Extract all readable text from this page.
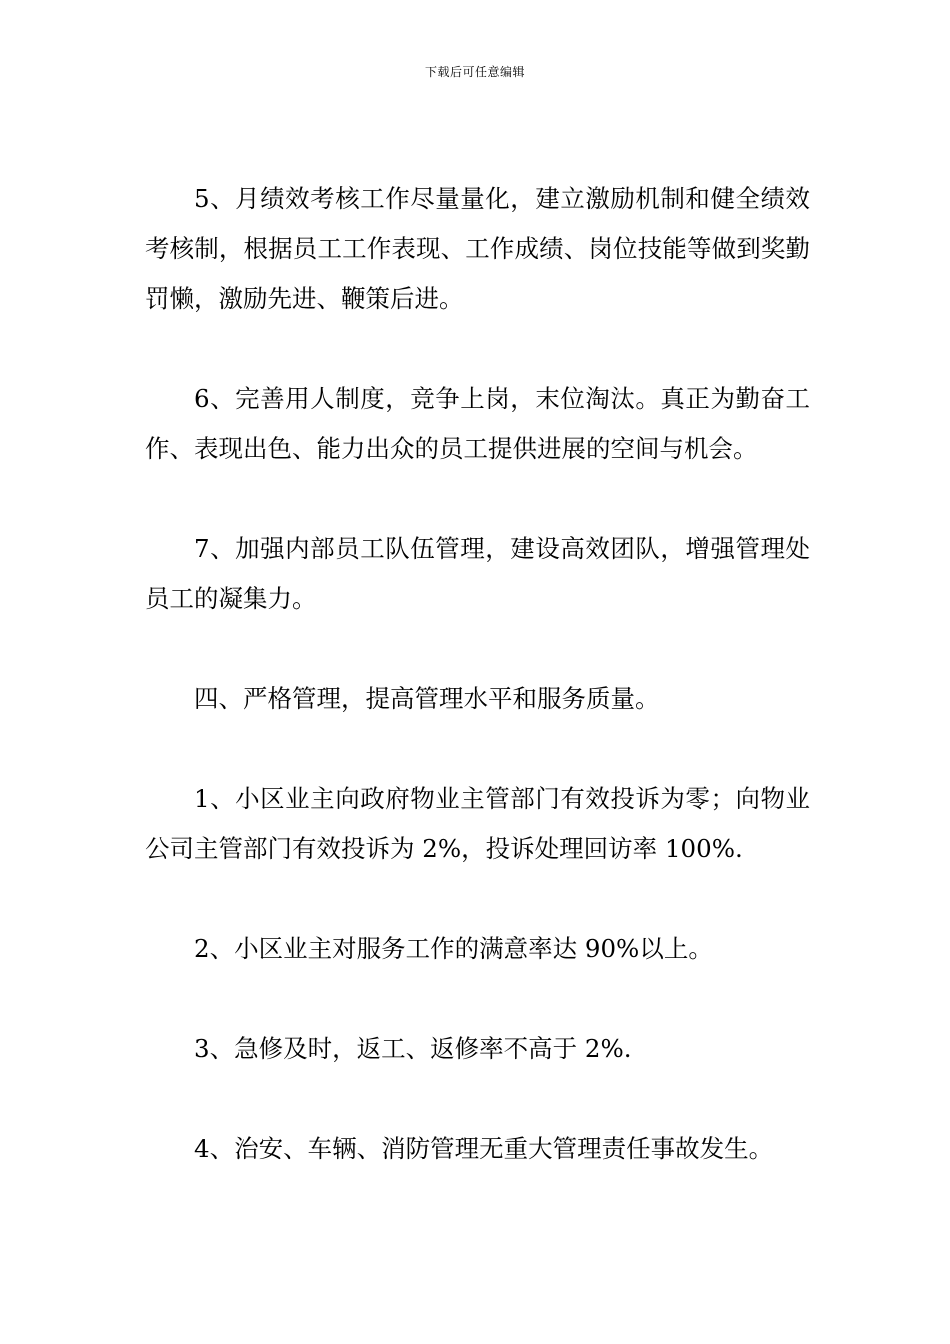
下载后可任意编辑

5、月绩效考核工作尽量量化，建立激励机制和健全绩效考核制，根据员工工作表现、工作成绩、岗位技能等做到奖勤罚懒，激励先进、鞭策后进。

6、完善用人制度，竞争上岗，末位淘汰。真正为勤奋工作、表现出色、能力出众的员工提供进展的空间与机会。

7、加强内部员工队伍管理，建设高效团队，增强管理处员工的凝集力。

四、严格管理，提高管理水平和服务质量。

1、小区业主向政府物业主管部门有效投诉为零；向物业公司主管部门有效投诉为 2%，投诉处理回访率 100%.

2、小区业主对服务工作的满意率达 90%以上。

3、急修及时，返工、返修率不高于 2%.

4、治安、车辆、消防管理无重大管理责任事故发生。
